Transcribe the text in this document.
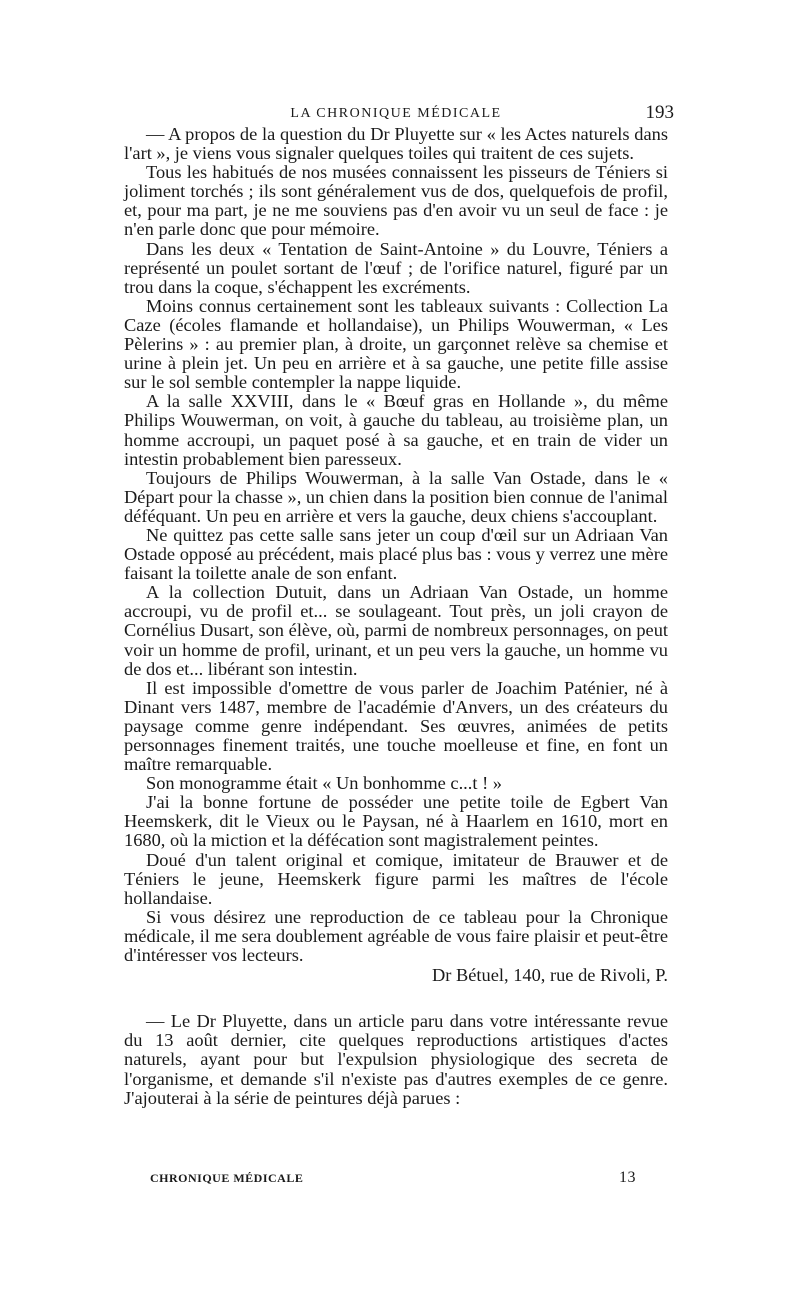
LA CHRONIQUE MÉDICALE	193

— A propos de la question du Dr Pluyette sur « les Actes naturels dans l'art », je viens vous signaler quelques toiles qui traitent de ces sujets.

Tous les habitués de nos musées connaissent les pisseurs de Téniers si joliment torchés ; ils sont généralement vus de dos, quelquefois de profil, et, pour ma part, je ne me souviens pas d'en avoir vu un seul de face : je n'en parle donc que pour mémoire.

Dans les deux « Tentation de Saint-Antoine » du Louvre, Téniers a représenté un poulet sortant de l'œuf ; de l'orifice naturel, figuré par un trou dans la coque, s'échappent les excréments.

Moins connus certainement sont les tableaux suivants : Collection La Caze (écoles flamande et hollandaise), un Philips Wouwerman, « Les Pèlerins » : au premier plan, à droite, un garçonnet relève sa chemise et urine à plein jet. Un peu en arrière et à sa gauche, une petite fille assise sur le sol semble contempler la nappe liquide.

A la salle XXVIII, dans le « Bœuf gras en Hollande », du même Philips Wouwerman, on voit, à gauche du tableau, au troisième plan, un homme accroupi, un paquet posé à sa gauche, et en train de vider un intestin probablement bien paresseux.

Toujours de Philips Wouwerman, à la salle Van Ostade, dans le « Départ pour la chasse », un chien dans la position bien connue de l'animal déféquant. Un peu en arrière et vers la gauche, deux chiens s'accouplant.

Ne quittez pas cette salle sans jeter un coup d'œil sur un Adriaan Van Ostade opposé au précédent, mais placé plus bas : vous y verrez une mère faisant la toilette anale de son enfant.

A la collection Dutuit, dans un Adriaan Van Ostade, un homme accroupi, vu de profil et... se soulageant. Tout près, un joli crayon de Cornélius Dusart, son élève, où, parmi de nombreux personnages, on peut voir un homme de profil, urinant, et un peu vers la gauche, un homme vu de dos et... libérant son intestin.

Il est impossible d'omettre de vous parler de Joachim Paténier, né à Dinant vers 1487, membre de l'académie d'Anvers, un des créateurs du paysage comme genre indépendant. Ses œuvres, animées de petits personnages finement traités, une touche moelleuse et fine, en font un maître remarquable.

Son monogramme était « Un bonhomme c...t ! »

J'ai la bonne fortune de posséder une petite toile de Egbert Van Heemskerk, dit le Vieux ou le Paysan, né à Haarlem en 1610, mort en 1680, où la miction et la défécation sont magistralement peintes.

Doué d'un talent original et comique, imitateur de Brauwer et de Téniers le jeune, Heemskerk figure parmi les maîtres de l'école hollandaise.

Si vous désirez une reproduction de ce tableau pour la Chronique médicale, il me sera doublement agréable de vous faire plaisir et peut-être d'intéresser vos lecteurs.

Dr Bétuel, 140, rue de Rivoli, P.

— Le Dr Pluyette, dans un article paru dans votre intéressante revue du 13 août dernier, cite quelques reproductions artistiques d'actes naturels, ayant pour but l'expulsion physiologique des secreta de l'organisme, et demande s'il n'existe pas d'autres exemples de ce genre. J'ajouterai à la série de peintures déjà parues :

CHRONIQUE MÉDICALE	13
